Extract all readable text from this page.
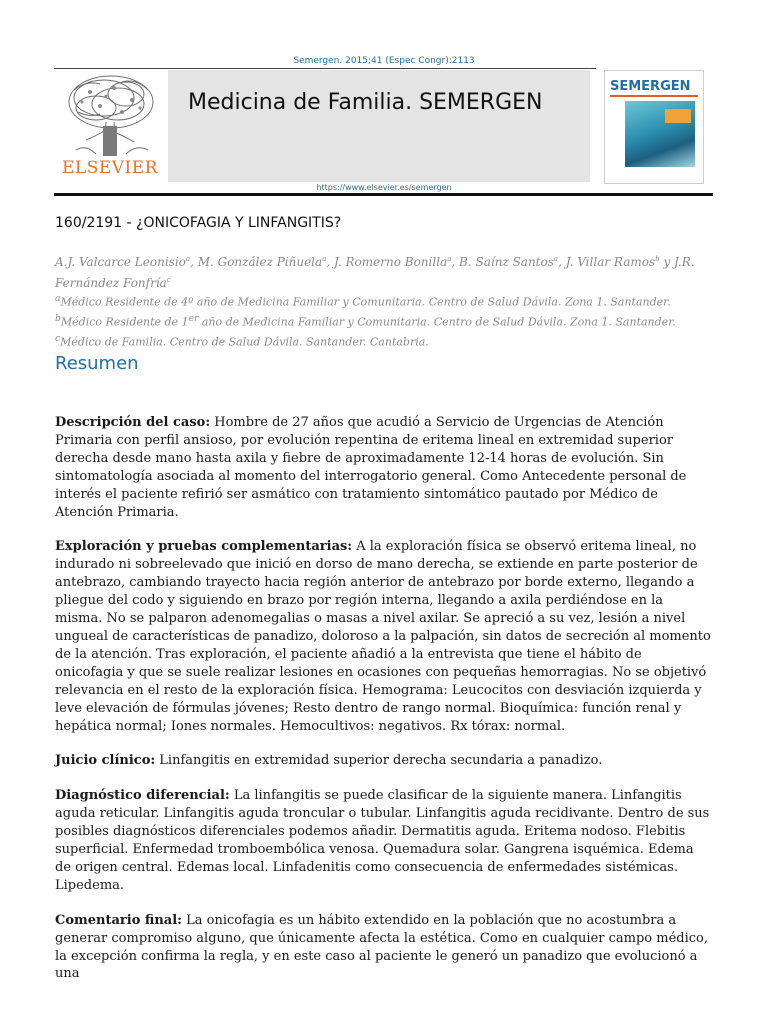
Semergen. 2015;41 (Espec Congr):2113
ELSEVIER
Medicina de Familia. SEMERGEN
SEMERGEN
https://www.elsevier.es/semergen
160/2191 - ¿ONICOFAGIA Y LINFANGITIS?
A.J. Valcarce Leonisio$^a$, M. González Piñuela$^a$, J. Romerno Bonilla$^a$, B. Saínz Santos$^a$, J. Villar Ramos$^b$ y J.R. Fernández Fonfría$^c$
$^a$Médico Residente de 4º año de Medicina Familiar y Comunitaria. Centro de Salud Dávila. Zona 1. Santander.
$^b$Médico Residente de 1er año de Medicina Familiar y Comunitaria. Centro de Salud Dávila. Zona 1. Santander.
$^c$Médico de Familia. Centro de Salud Dávila. Santander. Cantabria.
Resumen

Descripción del caso: Hombre de 27 años que acudió a Servicio de Urgencias de Atención Primaria con perfil ansioso, por evolución repentina de eritema lineal en extremidad superior derecha desde mano hasta axila y fiebre de aproximadamente 12-14 horas de evolución. Sin sintomatología asociada al momento del interrogatorio general. Como Antecedente personal de interés el paciente refirió ser asmático con tratamiento sintomático pautado por Médico de Atención Primaria.

Exploración y pruebas complementarias: A la exploración física se observó eritema lineal, no indurado ni sobreelevado que inició en dorso de mano derecha, se extiende en parte posterior de antebrazo, cambiando trayecto hacia región anterior de antebrazo por borde externo, llegando a pliegue del codo y siguiendo en brazo por región interna, llegando a axila perdiéndose en la misma. No se palparon adenomegalias o masas a nivel axilar. Se apreció a su vez, lesión a nivel ungueal de características de panadizo, doloroso a la palpación, sin datos de secreción al momento de la atención. Tras exploración, el paciente añadió a la entrevista que tiene el hábito de onicofagia y que se suele realizar lesiones en ocasiones con pequeñas hemorragias. No se objetivó relevancia en el resto de la exploración física. Hemograma: Leucocitos con desviación izquierda y leve elevación de fórmulas jóvenes; Resto dentro de rango normal. Bioquímica: función renal y hepática normal; Iones normales. Hemocultivos: negativos. Rx tórax: normal.

Juicio clínico: Linfangitis en extremidad superior derecha secundaria a panadizo.

Diagnóstico diferencial: La linfangitis se puede clasificar de la siguiente manera. Linfangitis aguda reticular. Linfangitis aguda troncular o tubular. Linfangitis aguda recidivante. Dentro de sus posibles diagnósticos diferenciales podemos añadir. Dermatitis aguda. Eritema nodoso. Flebitis superficial. Enfermedad tromboembólica venosa. Quemadura solar. Gangrena isquémica. Edema de origen central. Edemas local. Linfadenitis como consecuencia de enfermedades sistémicas. Lipedema.

Comentario final: La onicofagia es un hábito extendido en la población que no acostumbra a generar compromiso alguno, que únicamente afecta la estética. Como en cualquier campo médico, la excepción confirma la regla, y en este caso al paciente le generó un panadizo que evolucionó a una
